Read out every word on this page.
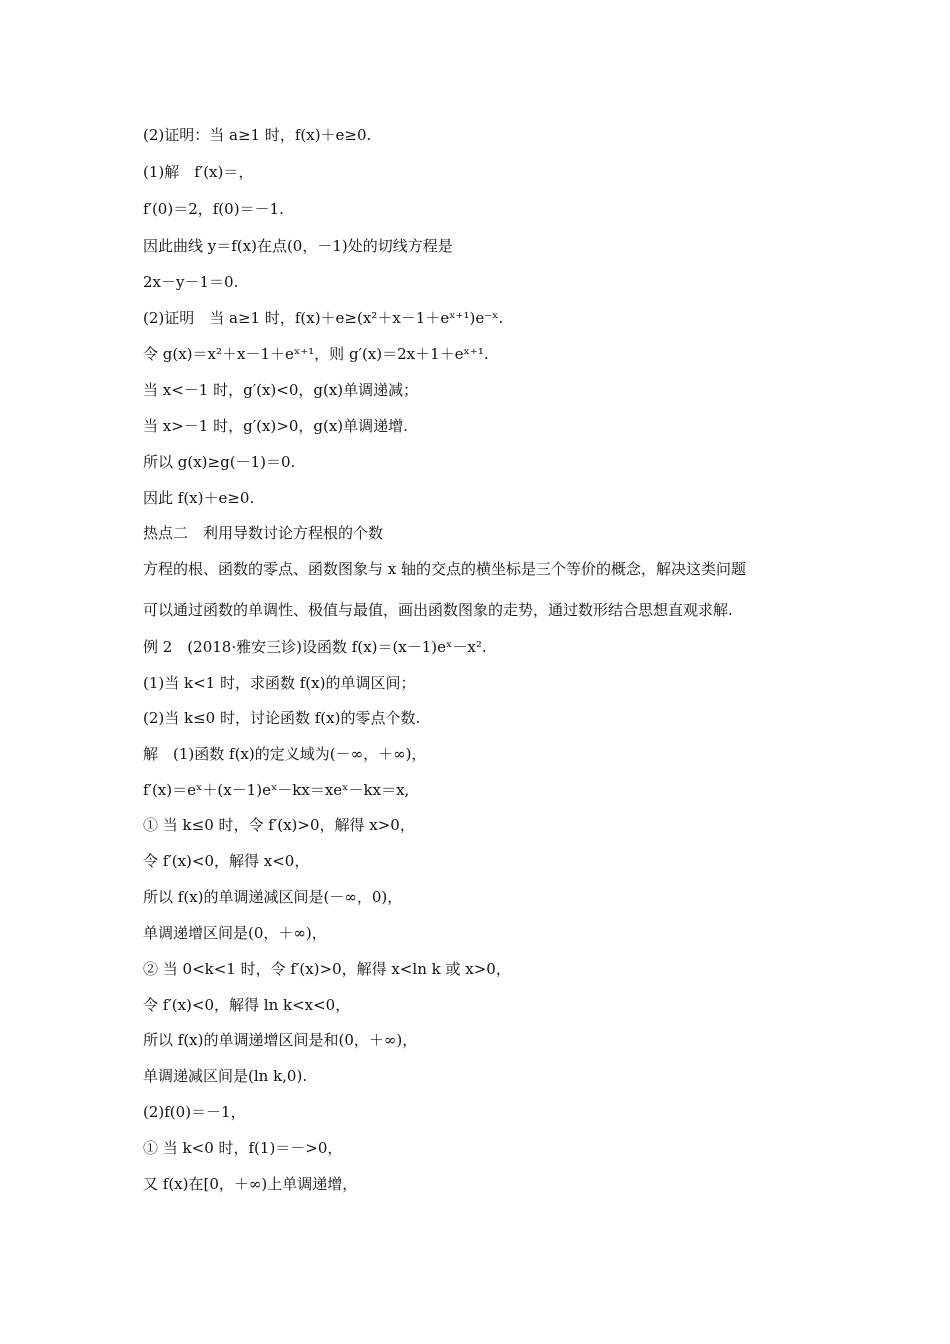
(2)证明：当 a≥1 时，f(x)＋e≥0.
(1)解　f′(x)＝，
f′(0)＝2，f(0)＝－1.
因此曲线 y＝f(x)在点(0，－1)处的切线方程是
2x－y－1＝0.
(2)证明　当 a≥1 时，f(x)＋e≥(x²＋x－1＋eˣ⁺¹)e⁻ˣ.
令 g(x)＝x²＋x－1＋eˣ⁺¹，则 g′(x)＝2x＋1＋eˣ⁺¹.
当 x<－1 时，g′(x)<0，g(x)单调递减；
当 x>－1 时，g′(x)>0，g(x)单调递增.
所以 g(x)≥g(－1)＝0.
因此 f(x)＋e≥0.
热点二　利用导数讨论方程根的个数
方程的根、函数的零点、函数图象与 x 轴的交点的横坐标是三个等价的概念，解决这类问题
可以通过函数的单调性、极值与最值，画出函数图象的走势，通过数形结合思想直观求解.
例 2　(2018·雅安三诊)设函数 f(x)＝(x－1)eˣ－x².
(1)当 k<1 时，求函数 f(x)的单调区间；
(2)当 k≤0 时，讨论函数 f(x)的零点个数.
解　(1)函数 f(x)的定义域为(－∞，＋∞)，
f′(x)＝eˣ＋(x－1)eˣ－kx＝xeˣ－kx＝x,
① 当 k≤0 时，令 f′(x)>0，解得 x>0，
令 f′(x)<0，解得 x<0，
所以 f(x)的单调递减区间是(－∞，0)，
单调递增区间是(0，＋∞)，
② 当 0<k<1 时，令 f′(x)>0，解得 x<ln k 或 x>0，
令 f′(x)<0，解得 ln k<x<0，
所以 f(x)的单调递增区间是和(0，＋∞)，
单调递减区间是(ln k,0).
(2)f(0)＝－1，
① 当 k<0 时，f(1)＝－>0，
又 f(x)在[0，＋∞)上单调递增，
